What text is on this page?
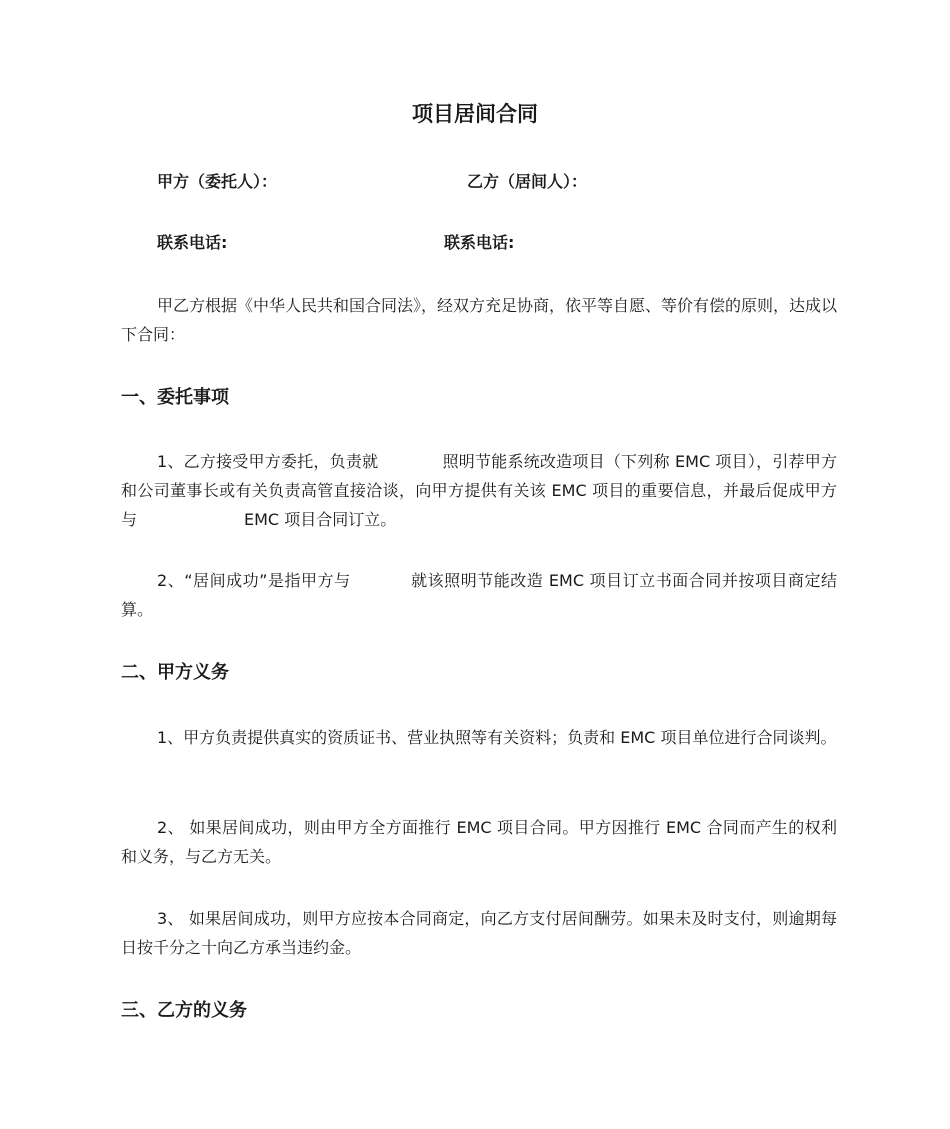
项目居间合同
甲方（委托人）：	乙方（居间人）：
联系电话:	联系电话:
甲乙方根据《中华人民共和国合同法》，经双方充足协商，依平等自愿、等价有偿的原则，达成以下合同：
一、委托事项
1、乙方接受甲方委托，负责就	照明节能系统改造项目（下列称 EMC 项目），引荐甲方和公司董事长或有关负责高管直接洽谈，向甲方提供有关该 EMC 项目的重要信息，并最后促成甲方与	EMC 项目合同订立。
2、“居间成功”是指甲方与	就该照明节能改造 EMC 项目订立书面合同并按项目商定结算。
二、甲方义务
1、甲方负责提供真实的资质证书、营业执照等有关资料；负责和 EMC 项目单位进行合同谈判。
2、 如果居间成功，则由甲方全方面推行 EMC 项目合同。甲方因推行 EMC 合同而产生的权利和义务，与乙方无关。
3、 如果居间成功，则甲方应按本合同商定，向乙方支付居间酬劳。如果未及时支付，则逾期每日按千分之十向乙方承当违约金。
三、乙方的义务
